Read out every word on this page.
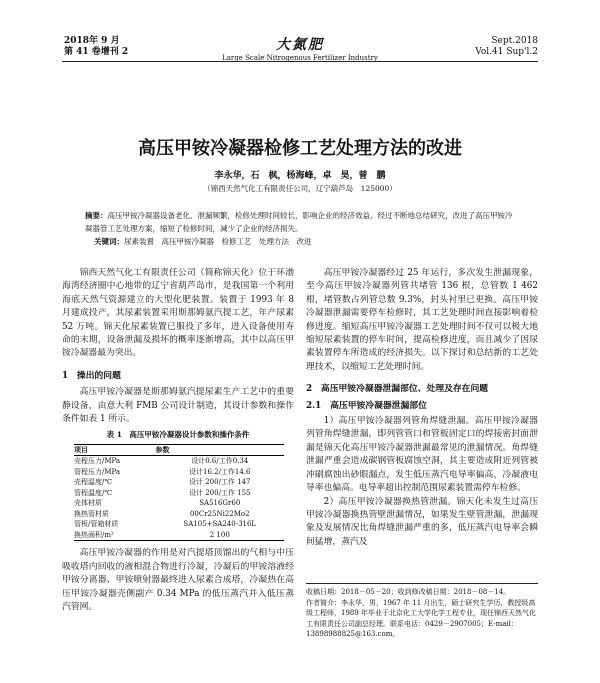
2018年 9 月
第 41 卷增刊 2	大氮肥
Large Scale Nitrogenous Fertilizer Industry
Sept.2018
Vol.41 Sup'l.2
高压甲铵冷凝器检修工艺处理方法的改进
李永华，石　枫，杨海峰，卓　昊，曾　鹏
（锦西天然气化工有限责任公司，辽宁葫芦岛　125000）
摘要：高压甲铵冷凝器设备老化、泄漏频繁，检修处理时间较长，影响企业的经济效益。经过不断地总结研究，改进了高压甲铵冷凝器管工艺处理方案，缩短了检修时间，减少了企业的经济损失。
关键词：尿素装置　高压甲铵冷凝器　检修工艺　处理方法　改进

锦西天然气化工有限责任公司（简称锦天化）位于环渤海湾经济圈中心地带的辽宁省葫芦岛市，是我国第一个利用海底天然气资源建立的大型化肥装置。装置于 1993 年 8 月建成投产，其尿素装置采用斯那姆氨汽提工艺，年产尿素 52 万吨。锦天化尿素装置已服役了多年，进入设备使用寿命的末期，设备泄漏及损坏的概率逐渐增高，其中以高压甲铵冷凝器最为突出。

1　操出的问题

高压甲铵冷凝器是斯那姆氨汽提尿素生产工艺中的重要静设备，由意大利 FMB 公司设计制造，其设计参数和操作条件如表 1 所示。

表 1　高压甲铵冷凝器设计参数和操作条件
项目	参数
壳程压力/MPa	设计0.6/工作0.34
管程压力/MPa	设计16.2/工作14.6
壳程温度/℃	设计 200/工作 147
管程温度/℃	设计 200/工作 155
壳体材质	SA516Gr60
换热管材质	00Cr25Ni22Mo2
管板/管箱材质	SA105+SA240-316L
换热面积/m²	2 100

高压甲铵冷凝器的作用是对汽提塔顶馏出的气相与中压吸收塔内回收的液相混合物进行冷凝，冷凝后的甲铵溶液经甲铵分离器、甲铵喷射器最终进入尿素合成塔，冷凝热在高压甲铵冷凝器壳侧副产 0.34 MPa 的低压蒸汽并入低压蒸汽管网。

高压甲铵冷凝器经过 25 年运行，多次发生泄漏现象，至今高压甲铵冷凝器列管共堵管 136 根，总管数 1 462 根，堵管数占列管总数 9.3%，封头衬里已更换。高压甲铵冷凝器泄漏需要停车检修时，其工艺处理时间直接影响着检修进度。缩短高压甲铵冷凝器工艺处理时间不仅可以极大地缩短尿素装置的停车时间，提高检修进度，而且减少了因尿素装置停车所造成的经济损失。以下探讨和总结新的工艺处理技术，以缩短工艺处理时间。

2　高压甲铵冷凝器泄漏部位、处理及存在问题

2.1　高压甲铵冷凝器泄漏部位

1）高压甲铵冷凝器列管角焊缝泄漏。高压甲铵冷凝器列管角焊缝泄漏，即列管管口和管板固定口的焊接密封面泄漏是锦天化高压甲铵冷凝器泄漏最常见的泄漏情况。角焊缝泄漏严重会造成碳钢管板腐蚀空洞，其主要造成附近列管被冲刷腐蚀出砂眼漏点，发生低压蒸汽电导率偏高，冷凝液电导率也偏高。电导率超出控制范围尿素装置需停车检修。

2）高压甲铵冷凝器换热管泄漏。锦天化未发生过高压甲铵冷凝器换热管壁泄漏情况，如果发生壁管泄漏，泄漏现象及发展情况比角焊缝泄漏严重的多，低压蒸汽电导率会瞬间猛增，蒸汽及

收稿日期：2018－05－20；收到修改稿日期：2018－08－14。
作者简介：李永华，男，1967 年 11 月出生，硕士研究生学历，教授级高级工程师，1989 年毕业于北京化工大学化学工程专业，现任锦西天然气化工有限责任公司副总经理。联系电话：0429－2907005；E-mail：13898988825@163.com。
